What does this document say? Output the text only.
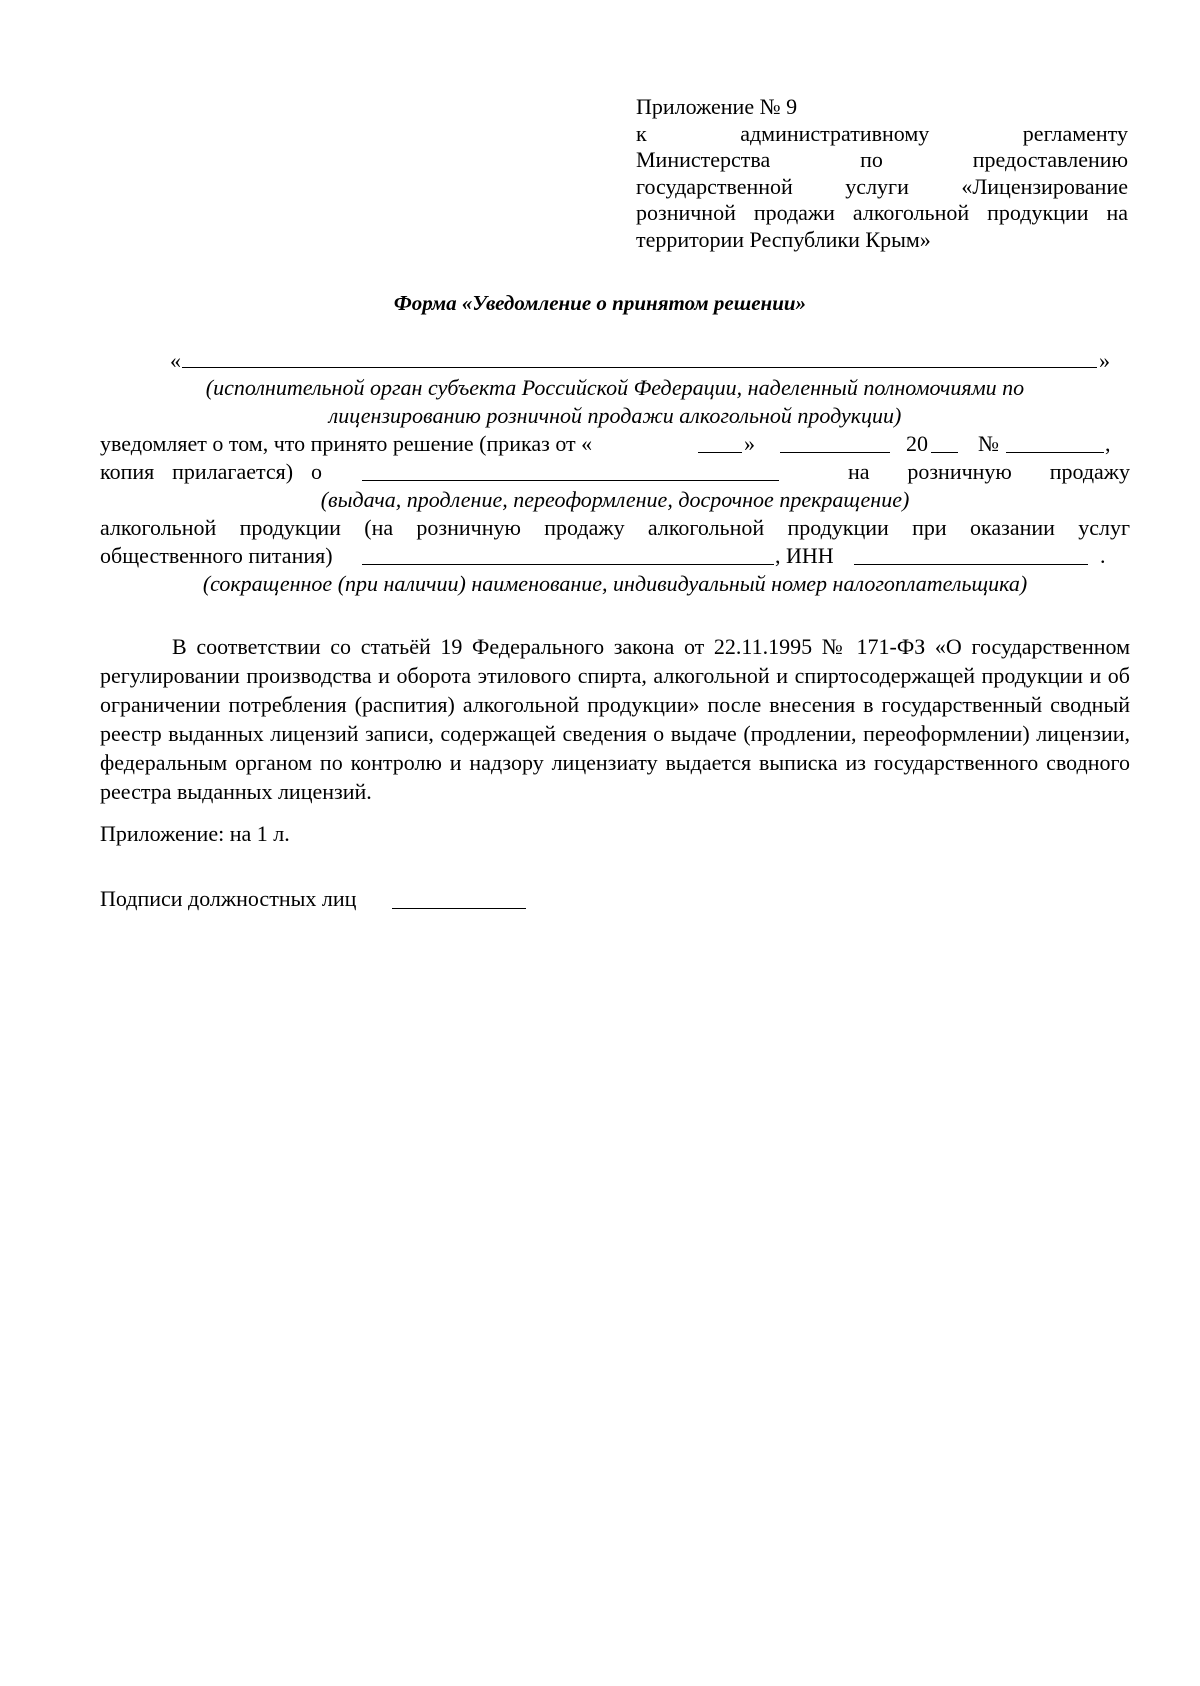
Приложение № 9
к административному регламенту
Министерства по предоставлению
государственной услуги «Лицензирование
розничной продажи алкогольной продукции на
территории Республики Крым»
Форма «Уведомление о принятом решении»
«	»
(исполнительной орган субъекта Российской Федерации, наделенный полномочиями по
лицензированию розничной продажи алкогольной продукции)
уведомляет о том, что принято решение (приказ от «	»	20 №	,
копия прилагается) о	на розничную продажу
(выдача, продление, переоформление, досрочное прекращение)
алкогольной продукции (на розничную продажу алкогольной продукции при оказании услуг
общественного питания)	, ИНН	.
(сокращенное (при наличии) наименование, индивидуальный номер налогоплательщика)
В соответствии со статьёй 19 Федерального закона от 22.11.1995 № 171-ФЗ «О государственном регулировании производства и оборота этилового спирта, алкогольной и спиртосодержащей продукции и об ограничении потребления (распития) алкогольной продукции» после внесения в государственный сводный реестр выданных лицензий записи, содержащей сведения о выдаче (продлении, переоформлении) лицензии, федеральным органом по контролю и надзору лицензиату выдается выписка из государственного сводного реестра выданных лицензий.
Приложение: на 1 л.
Подписи должностных лиц
